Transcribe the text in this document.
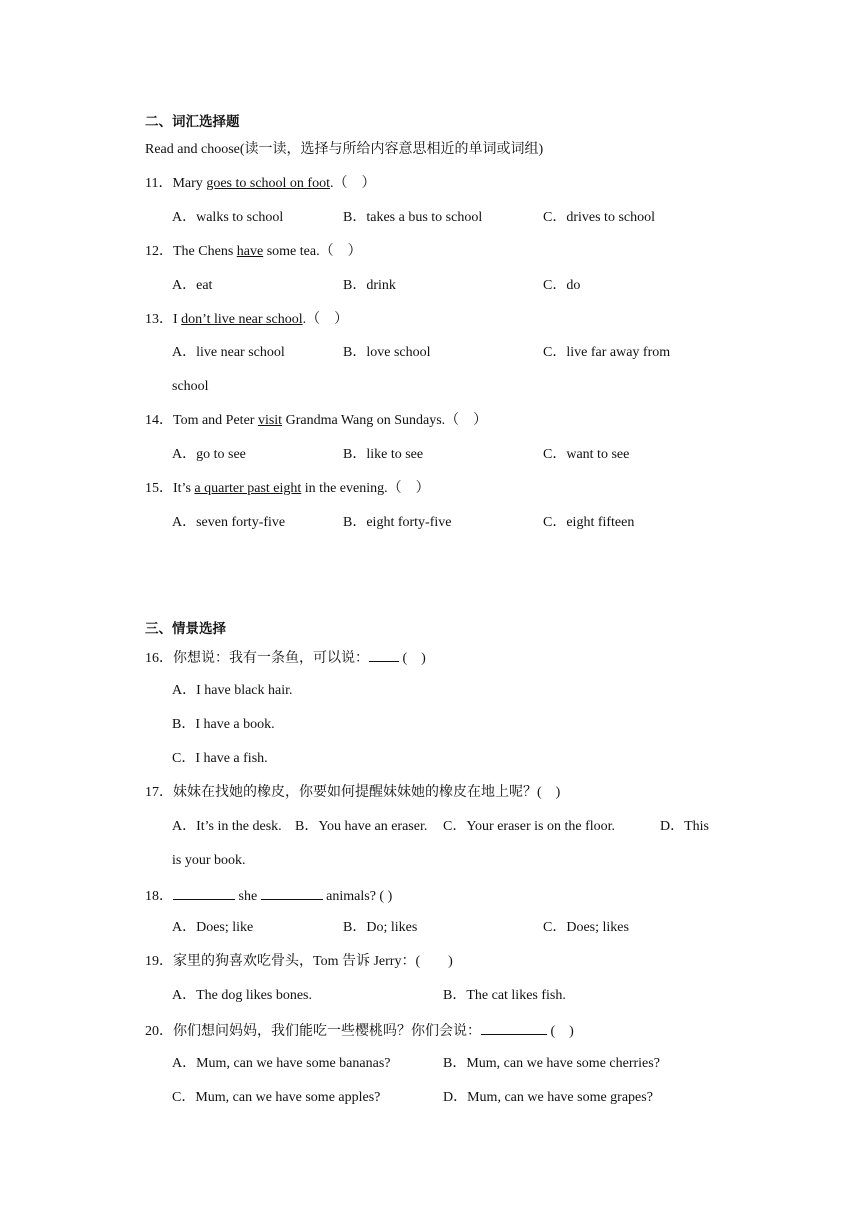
二、词汇选择题
Read and choose(读一读，选择与所给内容意思相近的单词或词组)
11．Mary goes to school on foot.（　）
A．walks to school	B．takes a bus to school	C．drives to school
12．The Chens have some tea.（　）
A．eat	B．drink	C．do
13．I don’t live near school.（　）
A．live near school	B．love school	C．live far away from
school
14．Tom and Peter visit Grandma Wang on Sundays.（　）
A．go to see	B．like to see	C．want to see
15．It’s a quarter past eight in the evening.（　）
A．seven forty-five	B．eight forty-five	C．eight fifteen
三、情景选择
16．你想说：我有一条鱼，可以说： (　)
A．I have black hair.
B．I have a book.
C．I have a fish.
17．妹妹在找她的橡皮，你要如何提醒妹妹她的橡皮在地上呢？(　)
A．It’s in the desk. B．You have an eraser. C．Your eraser is on the floor.	D．This
is your book.
18．	she	animals? ( )
A．Does; like	B．Do; likes	C．Does; likes
19．家里的狗喜欢吃骨头，Tom 告诉 Jerry：(　　)
A．The dog likes bones.	B．The cat likes fish.
20．你们想问妈妈，我们能吃一些樱桃吗？你们会说：	(　)
A．Mum, can we have some bananas?	B．Mum, can we have some cherries?
C．Mum, can we have some apples?	D．Mum, can we have some grapes?
